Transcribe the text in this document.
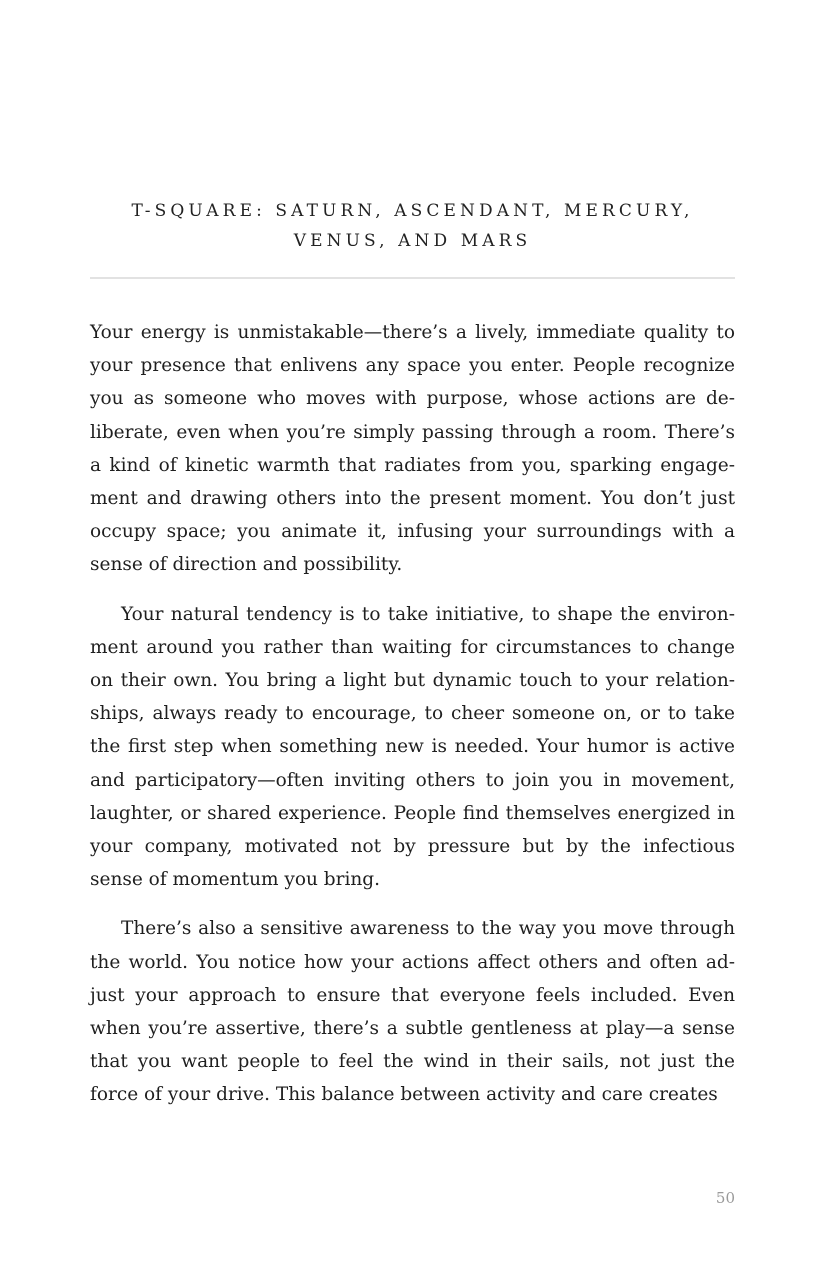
T-SQUARE: SATURN, ASCENDANT, MERCURY, VENUS, AND MARS

Your energy is unmistakable—there’s a lively, immediate quality to your presence that enlivens any space you enter. People recognize you as someone who moves with purpose, whose actions are deliberate, even when you’re simply passing through a room. There’s a kind of kinetic warmth that radiates from you, sparking engagement and drawing others into the present moment. You don’t just occupy space; you animate it, infusing your surroundings with a sense of direction and possibility.

Your natural tendency is to take initiative, to shape the environment around you rather than waiting for circumstances to change on their own. You bring a light but dynamic touch to your relationships, always ready to encourage, to cheer someone on, or to take the first step when something new is needed. Your humor is active and participatory—often inviting others to join you in movement, laughter, or shared experience. People find themselves energized in your company, motivated not by pressure but by the infectious sense of momentum you bring.

There’s also a sensitive awareness to the way you move through the world. You notice how your actions affect others and often adjust your approach to ensure that everyone feels included. Even when you’re assertive, there’s a subtle gentleness at play—a sense that you want people to feel the wind in their sails, not just the force of your drive. This balance between activity and care creates

50
